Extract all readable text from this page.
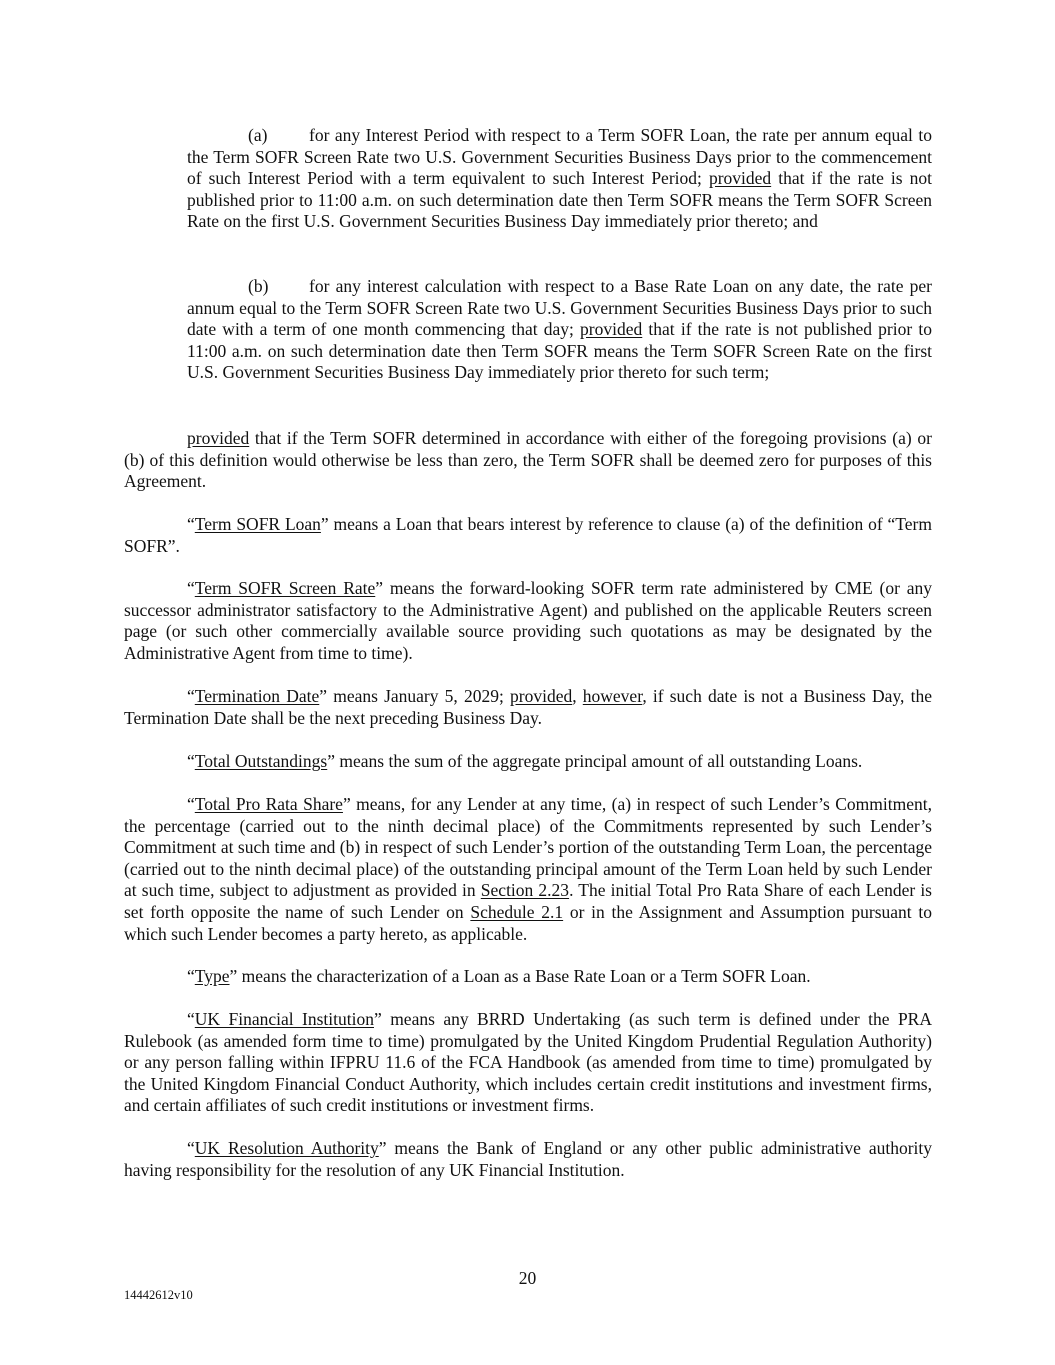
(a) for any Interest Period with respect to a Term SOFR Loan, the rate per annum equal to the Term SOFR Screen Rate two U.S. Government Securities Business Days prior to the commencement of such Interest Period with a term equivalent to such Interest Period; provided that if the rate is not published prior to 11:00 a.m. on such determination date then Term SOFR means the Term SOFR Screen Rate on the first U.S. Government Securities Business Day immediately prior thereto; and

(b) for any interest calculation with respect to a Base Rate Loan on any date, the rate per annum equal to the Term SOFR Screen Rate two U.S. Government Securities Business Days prior to such date with a term of one month commencing that day; provided that if the rate is not published prior to 11:00 a.m. on such determination date then Term SOFR means the Term SOFR Screen Rate on the first U.S. Government Securities Business Day immediately prior thereto for such term;

provided that if the Term SOFR determined in accordance with either of the foregoing provisions (a) or (b) of this definition would otherwise be less than zero, the Term SOFR shall be deemed zero for purposes of this Agreement.

“Term SOFR Loan” means a Loan that bears interest by reference to clause (a) of the definition of “Term SOFR”.

“Term SOFR Screen Rate” means the forward-looking SOFR term rate administered by CME (or any successor administrator satisfactory to the Administrative Agent) and published on the applicable Reuters screen page (or such other commercially available source providing such quotations as may be designated by the Administrative Agent from time to time).

“Termination Date” means January 5, 2029; provided, however, if such date is not a Business Day, the Termination Date shall be the next preceding Business Day.

“Total Outstandings” means the sum of the aggregate principal amount of all outstanding Loans.

“Total Pro Rata Share” means, for any Lender at any time, (a) in respect of such Lender’s Commitment, the percentage (carried out to the ninth decimal place) of the Commitments represented by such Lender’s Commitment at such time and (b) in respect of such Lender’s portion of the outstanding Term Loan, the percentage (carried out to the ninth decimal place) of the outstanding principal amount of the Term Loan held by such Lender at such time, subject to adjustment as provided in Section 2.23. The initial Total Pro Rata Share of each Lender is set forth opposite the name of such Lender on Schedule 2.1 or in the Assignment and Assumption pursuant to which such Lender becomes a party hereto, as applicable.

“Type” means the characterization of a Loan as a Base Rate Loan or a Term SOFR Loan.

“UK Financial Institution” means any BRRD Undertaking (as such term is defined under the PRA Rulebook (as amended form time to time) promulgated by the United Kingdom Prudential Regulation Authority) or any person falling within IFPRU 11.6 of the FCA Handbook (as amended from time to time) promulgated by the United Kingdom Financial Conduct Authority, which includes certain credit institutions and investment firms, and certain affiliates of such credit institutions or investment firms.

“UK Resolution Authority” means the Bank of England or any other public administrative authority having responsibility for the resolution of any UK Financial Institution.

20
14442612v10
